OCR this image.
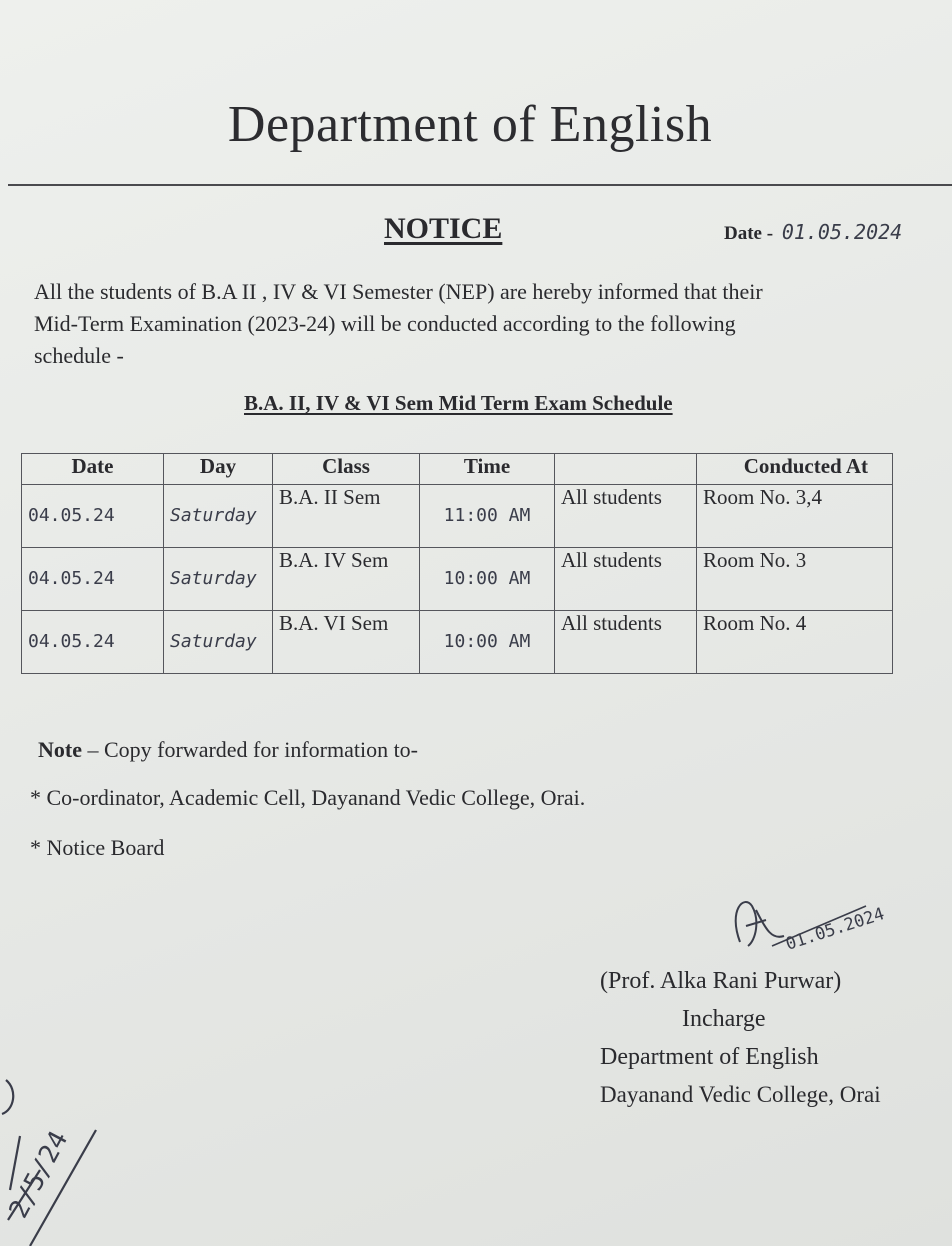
Department of English
NOTICE	Date - 01.05.2024
All the students of B.A II , IV & VI Semester (NEP) are hereby informed that their
Mid-Term Examination (2023-24) will be conducted according to the following
schedule -
B.A. II, IV & VI Sem Mid Term Exam Schedule
Date	Day	Class	Time		Conducted At
04.05.24	Saturday	B.A. II Sem	11:00 AM	All students	Room No. 3,4
04.05.24	Saturday	B.A. IV Sem	10:00 AM	All students	Room No. 3
04.05.24	Saturday	B.A. VI Sem	10:00 AM	All students	Room No. 4
Note – Copy forwarded for information to-
* Co-ordinator, Academic Cell, Dayanand Vedic College, Orai.
* Notice Board
01.05.2024
(Prof. Alka Rani Purwar)
Incharge
Department of English
Dayanand Vedic College, Orai
2/5/24
